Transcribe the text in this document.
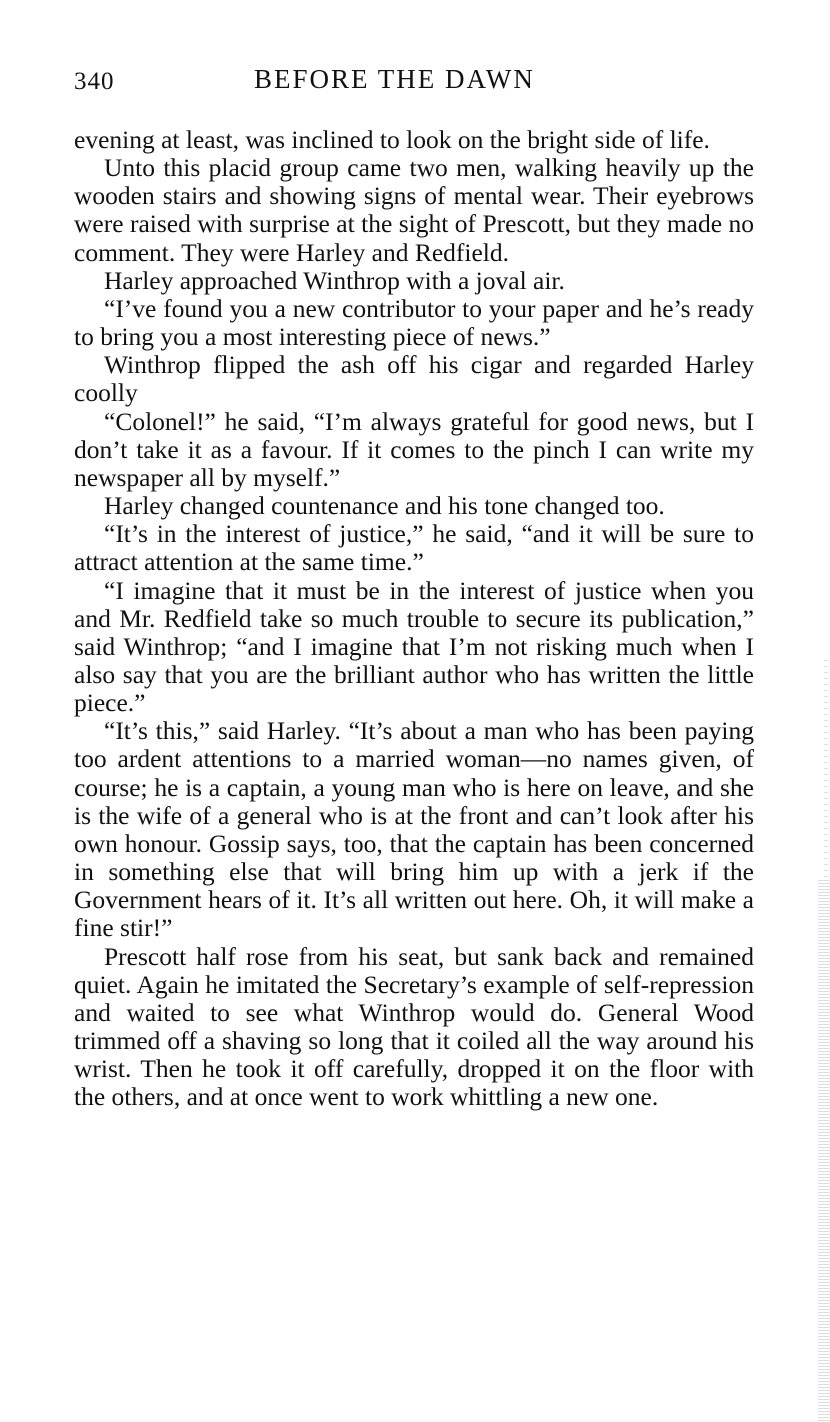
340	BEFORE THE DAWN

evening at least, was inclined to look on the bright side of life.

Unto this placid group came two men, walking heavily up the wooden stairs and showing signs of mental wear. Their eyebrows were raised with surprise at the sight of Prescott, but they made no comment. They were Harley and Redfield.

Harley approached Winthrop with a joval air.

“I’ve found you a new contributor to your paper and he’s ready to bring you a most interesting piece of news.”

Winthrop flipped the ash off his cigar and regarded Harley coolly

“Colonel!” he said, “I’m always grateful for good news, but I don’t take it as a favour. If it comes to the pinch I can write my newspaper all by myself.”

Harley changed countenance and his tone changed too.

“It’s in the interest of justice,” he said, “and it will be sure to attract attention at the same time.”

“I imagine that it must be in the interest of justice when you and Mr. Redfield take so much trouble to secure its publication,” said Winthrop; “and I imagine that I’m not risking much when I also say that you are the brilliant author who has written the little piece.”

“It’s this,” said Harley. “It’s about a man who has been paying too ardent attentions to a married woman—no names given, of course; he is a captain, a young man who is here on leave, and she is the wife of a general who is at the front and can’t look after his own honour. Gossip says, too, that the captain has been concerned in something else that will bring him up with a jerk if the Government hears of it. It’s all written out here. Oh, it will make a fine stir!”

Prescott half rose from his seat, but sank back and remained quiet. Again he imitated the Secretary’s example of self-repression and waited to see what Winthrop would do. General Wood trimmed off a shaving so long that it coiled all the way around his wrist. Then he took it off carefully, dropped it on the floor with the others, and at once went to work whittling a new one.
